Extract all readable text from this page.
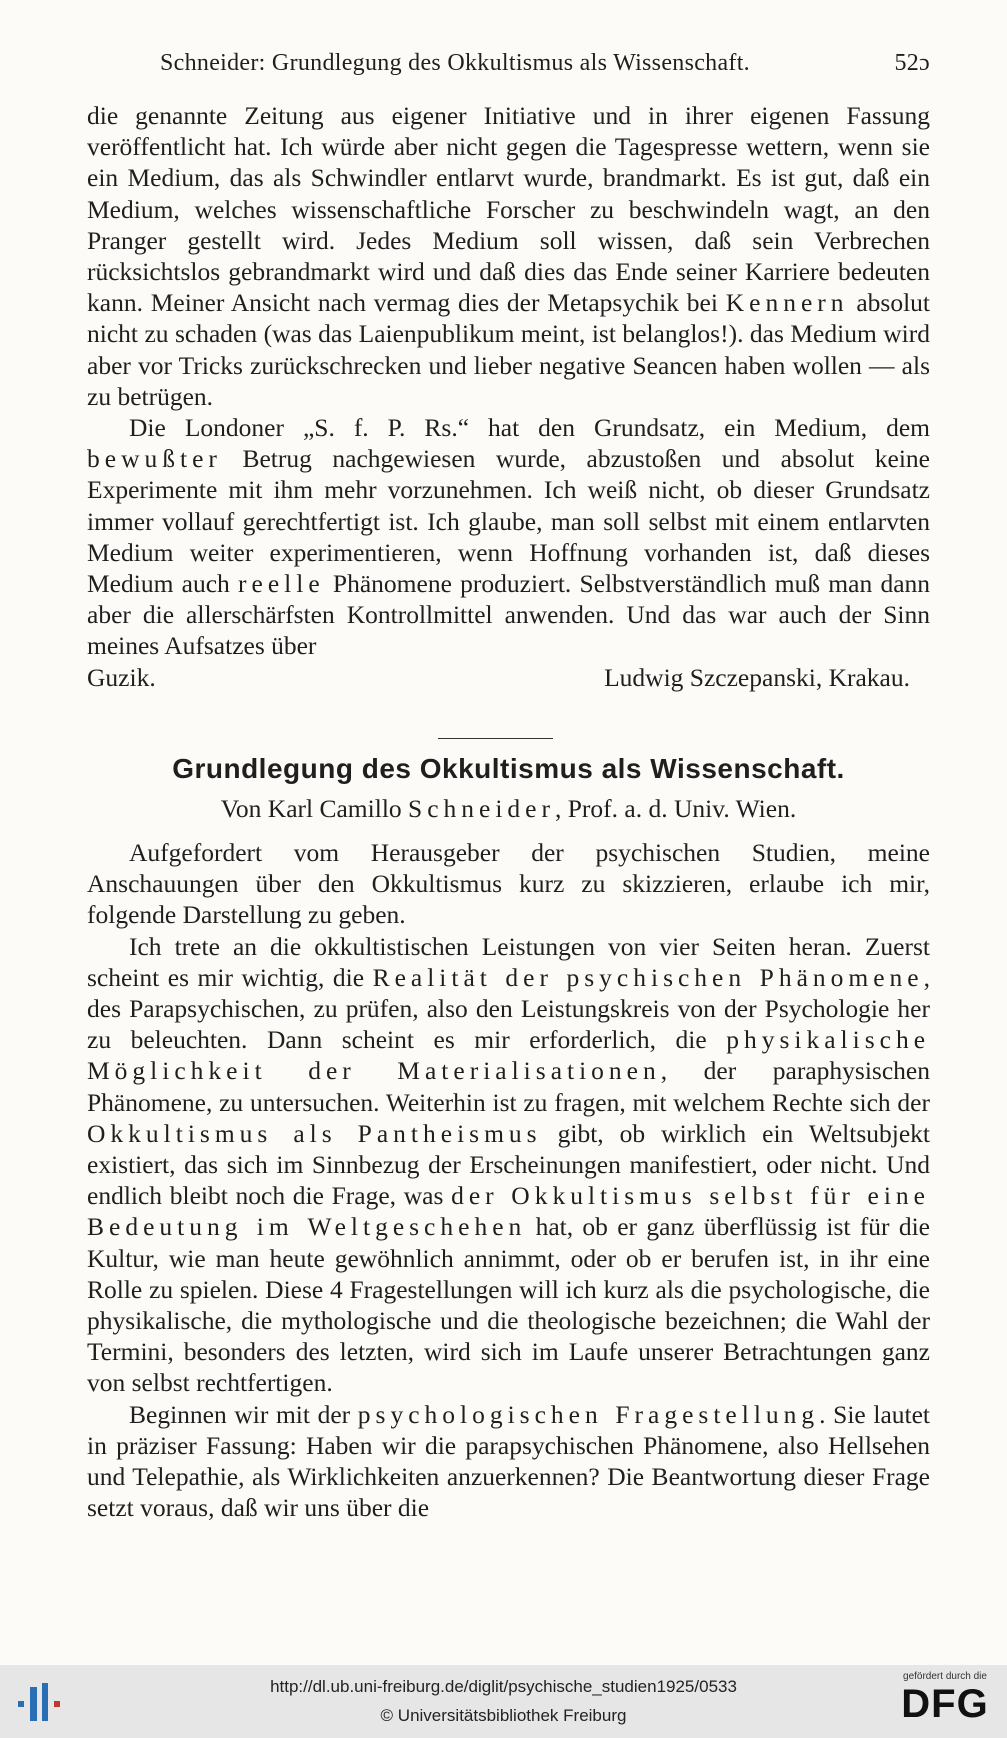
Schneider: Grundlegung des Okkultismus als Wissenschaft.	52ɔ

die genannte Zeitung aus eigener Initiative und in ihrer eigenen Fassung veröffentlicht hat. Ich würde aber nicht gegen die Tagespresse wettern, wenn sie ein Medium, das als Schwindler entlarvt wurde, brandmarkt. Es ist gut, daß ein Medium, welches wissenschaftliche Forscher zu beschwindeln wagt, an den Pranger gestellt wird. Jedes Medium soll wissen, daß sein Verbrechen rücksichtslos gebrandmarkt wird und daß dies das Ende seiner Karriere bedeuten kann. Meiner Ansicht nach vermag dies der Metapsychik bei Kennern absolut nicht zu schaden (was das Laienpublikum meint, ist belanglos!). das Medium wird aber vor Tricks zurückschrecken und lieber negative Seancen haben wollen — als zu betrügen.

Die Londoner „S. f. P. Rs.“ hat den Grundsatz, ein Medium, dem bewußter Betrug nachgewiesen wurde, abzustoßen und absolut keine Experimente mit ihm mehr vorzunehmen. Ich weiß nicht, ob dieser Grundsatz immer vollauf gerechtfertigt ist. Ich glaube, man soll selbst mit einem entlarvten Medium weiter experimentieren, wenn Hoffnung vorhanden ist, daß dieses Medium auch reelle Phänomene produziert. Selbstverständlich muß man dann aber die allerschärfsten Kontrollmittel anwenden. Und das war auch der Sinn meines Aufsatzes über

Guzik.	Ludwig Szczepanski, Krakau.
Grundlegung des Okkultismus als Wissenschaft.
Von Karl Camillo Schneider, Prof. a. d. Univ. Wien.

Aufgefordert vom Herausgeber der psychischen Studien, meine Anschauungen über den Okkultismus kurz zu skizzieren, erlaube ich mir, folgende Darstellung zu geben.

Ich trete an die okkultistischen Leistungen von vier Seiten heran. Zuerst scheint es mir wichtig, die Realität der psychischen Phänomene, des Parapsychischen, zu prüfen, also den Leistungskreis von der Psychologie her zu beleuchten. Dann scheint es mir erforderlich, die physikalische Möglichkeit der Materialisationen, der paraphysischen Phänomene, zu untersuchen. Weiterhin ist zu fragen, mit welchem Rechte sich der Okkultismus als Pantheismus gibt, ob wirklich ein Weltsubjekt existiert, das sich im Sinnbezug der Erscheinungen manifestiert, oder nicht. Und endlich bleibt noch die Frage, was der Okkultismus selbst für eine Bedeutung im Weltgeschehen hat, ob er ganz überflüssig ist für die Kultur, wie man heute gewöhnlich annimmt, oder ob er berufen ist, in ihr eine Rolle zu spielen. Diese 4 Fragestellungen will ich kurz als die psychologische, die physikalische, die mythologische und die theologische bezeichnen; die Wahl der Termini, besonders des letzten, wird sich im Laufe unserer Betrachtungen ganz von selbst rechtfertigen.

Beginnen wir mit der psychologischen Fragestellung. Sie lautet in präziser Fassung: Haben wir die parapsychischen Phänomene, also Hellsehen und Telepathie, als Wirklichkeiten anzuerkennen? Die Beantwortung dieser Frage setzt voraus, daß wir uns über die

http://dl.ub.uni-freiburg.de/diglit/psychische_studien1925/0533
© Universitätsbibliothek Freiburg
gefördert durch die
DFG
